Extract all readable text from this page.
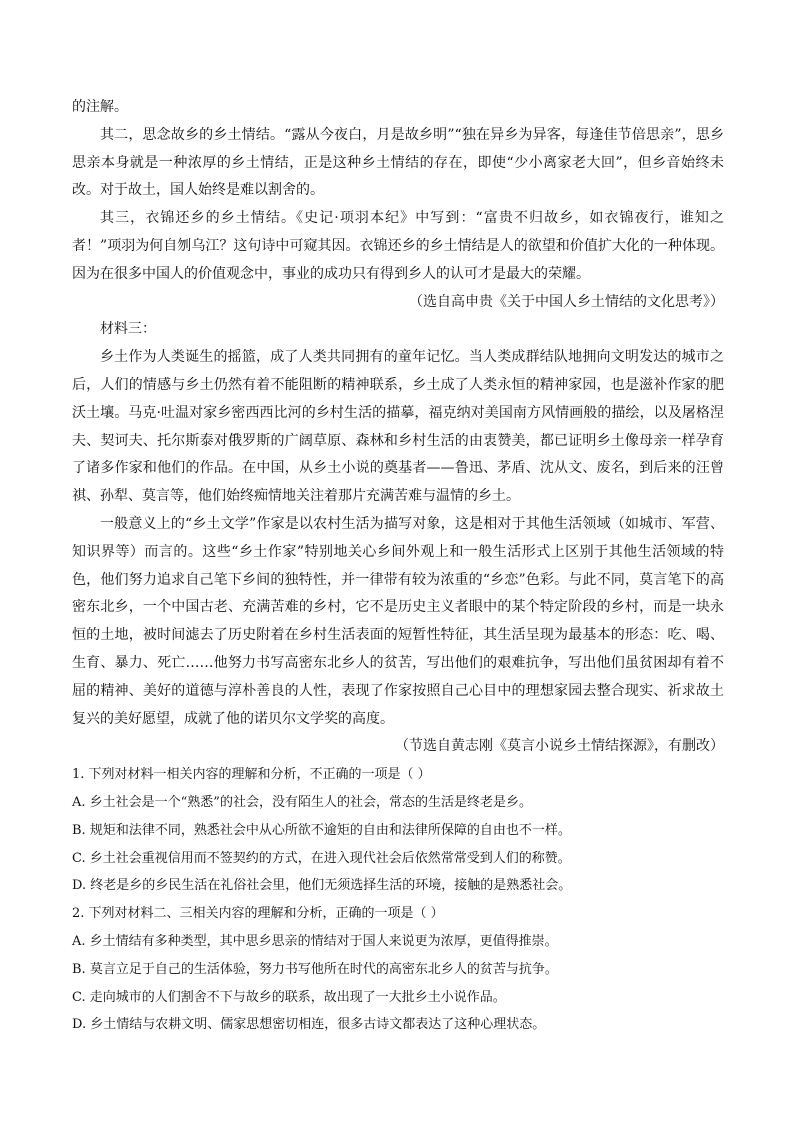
的注解。

其二，思念故乡的乡土情结。“露从今夜白，月是故乡明”“独在异乡为异客，每逢佳节倍思亲”，思乡思亲本身就是一种浓厚的乡土情结，正是这种乡土情结的存在，即使“少小离家老大回”，但乡音始终未改。对于故土，国人始终是难以割舍的。

其三，衣锦还乡的乡土情结。《史记·项羽本纪》中写到：“富贵不归故乡，如衣锦夜行，谁知之者！”项羽为何自刎乌江？这句诗中可窥其因。衣锦还乡的乡土情结是人的欲望和价值扩大化的一种体现。因为在很多中国人的价值观念中，事业的成功只有得到乡人的认可才是最大的荣耀。

（选自高申贵《关于中国人乡土情结的文化思考》）

材料三：

乡土作为人类诞生的摇篮，成了人类共同拥有的童年记忆。当人类成群结队地拥向文明发达的城市之后，人们的情感与乡土仍然有着不能阻断的精神联系，乡土成了人类永恒的精神家园，也是滋补作家的肥沃土壤。马克·吐温对家乡密西西比河的乡村生活的描摹，福克纳对美国南方风情画般的描绘，以及屠格涅夫、契诃夫、托尔斯泰对俄罗斯的广阔草原、森林和乡村生活的由衷赞美，都已证明乡土像母亲一样孕育了诸多作家和他们的作品。在中国，从乡土小说的奠基者——鲁迅、茅盾、沈从文、废名，到后来的汪曾祺、孙犁、莫言等，他们始终痴情地关注着那片充满苦难与温情的乡土。

一般意义上的“乡土文学”作家是以农村生活为描写对象，这是相对于其他生活领域（如城市、军营、知识界等）而言的。这些“乡土作家”特别地关心乡间外观上和一般生活形式上区别于其他生活领域的特色，他们努力追求自己笔下乡间的独特性，并一律带有较为浓重的“乡恋”色彩。与此不同，莫言笔下的高密东北乡，一个中国古老、充满苦难的乡村，它不是历史主义者眼中的某个特定阶段的乡村，而是一块永恒的土地，被时间滤去了历史附着在乡村生活表面的短暂性特征，其生活呈现为最基本的形态：吃、喝、生育、暴力、死亡……他努力书写高密东北乡人的贫苦，写出他们的艰难抗争，写出他们虽贫困却有着不屈的精神、美好的道德与淳朴善良的人性，表现了作家按照自己心目中的理想家园去整合现实、祈求故土复兴的美好愿望，成就了他的诺贝尔文学奖的高度。

（节选自黄志刚《莫言小说乡土情结探源》，有删改）

1. 下列对材料一相关内容的理解和分析，不正确的一项是（ ）

A. 乡土社会是一个“熟悉”的社会，没有陌生人的社会，常态的生活是终老是乡。

B. 规矩和法律不同，熟悉社会中从心所欲不逾矩的自由和法律所保障的自由也不一样。

C. 乡土社会重视信用而不签契约的方式，在进入现代社会后依然常常受到人们的称赞。

D. 终老是乡的乡民生活在礼俗社会里，他们无须选择生活的环境，接触的是熟悉社会。

2. 下列对材料二、三相关内容的理解和分析，正确的一项是（ ）

A. 乡土情结有多种类型，其中思乡思亲的情结对于国人来说更为浓厚，更值得推崇。

B. 莫言立足于自己的生活体验，努力书写他所在时代的高密东北乡人的贫苦与抗争。

C. 走向城市的人们割舍不下与故乡的联系，故出现了一大批乡土小说作品。

D. 乡土情结与农耕文明、儒家思想密切相连，很多古诗文都表达了这种心理状态。
